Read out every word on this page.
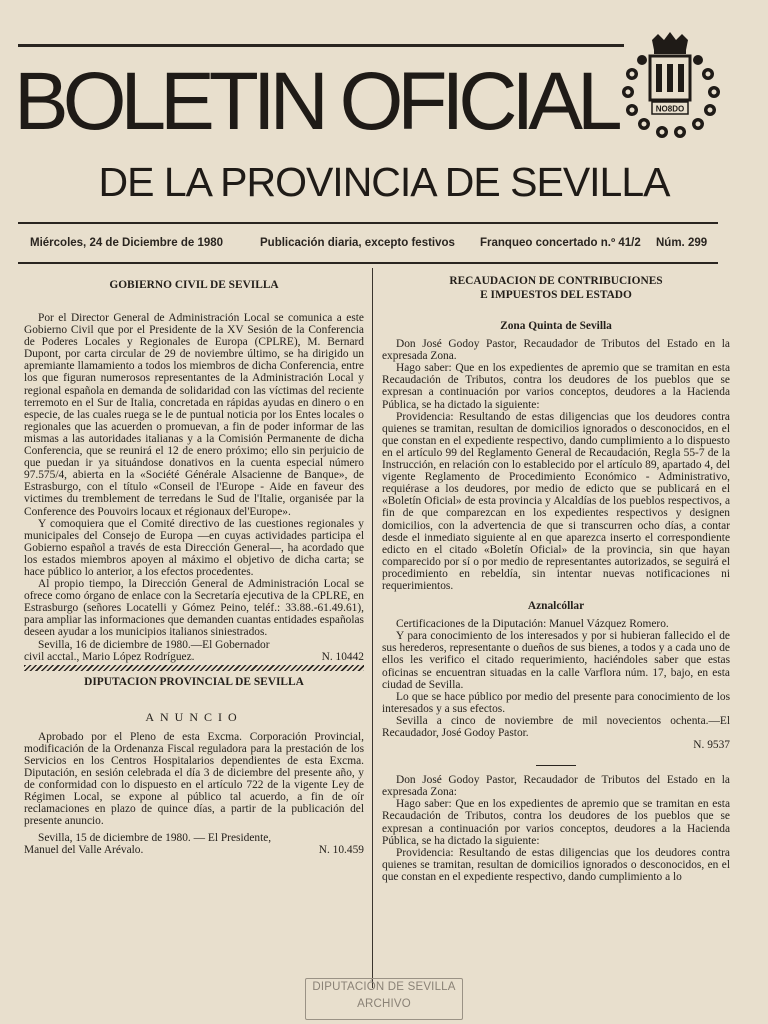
BOLETIN OFICIAL
DE LA PROVINCIA DE SEVILLA
NO8DO
Miércoles, 24 de Diciembre de 1980	Publicación diaria, excepto festivos Franqueo concertado n.º 41/2 Núm. 299
GOBIERNO CIVIL DE SEVILLA

Por el Director General de Administración Local se comunica a este Gobierno Civil que por el Presidente de la XV Sesión de la Conferencia de Poderes Locales y Regionales de Europa (CPLRE), M. Bernard Dupont, por carta circular de 29 de noviembre último, se ha dirigido un apremiante llamamiento a todos los miembros de dicha Conferencia, entre los que figuran numerosos representantes de la Administración Local y regional española en demanda de solidaridad con las víctimas del reciente terremoto en el Sur de Italia, concretada en rápidas ayudas en dinero o en especie, de las cuales ruega se le de puntual noticia por los Entes locales o regionales que las acuerden o promuevan, a fin de poder informar de las mismas a las autoridades italianas y a la Comisión Permanente de dicha Conferencia, que se reunirá el 12 de enero próximo; ello sin perjuicio de que puedan ir ya situándose donativos en la cuenta especial número 97.575/4, abierta en la «Société Générale Alsacienne de Banque», de Estrasburgo, con el título «Conseil de l'Europe - Aide en faveur des victimes du tremblement de terredans le Sud de l'Italie, organisée par la Conference des Pouvoirs locaux et régionaux del'Europe».

Y comoquiera que el Comité directivo de las cuestiones regionales y municipales del Consejo de Europa —en cuyas actividades participa el Gobierno español a través de esta Dirección General—, ha acordado que los estados miembros apoyen al máximo el objetivo de dicha carta; se hace público lo anterior, a los efectos procedentes.

Al propio tiempo, la Dirección General de Administración Local se ofrece como órgano de enlace con la Secretaría ejecutiva de la CPLRE, en Estrasburgo (señores Locatelli y Gómez Peino, teléf.: 33.88.-61.49.61), para ampliar las informaciones que demanden cuantas entidades españolas deseen ayudar a los municipios italianos siniestrados.

Sevilla, 16 de diciembre de 1980.—El Gobernador

civil acctal., Mario López Rodríguez.	N. 10442
DIPUTACION PROVINCIAL DE SEVILLA
ANUNCIO

Aprobado por el Pleno de esta Excma. Corporación Provincial, modificación de la Ordenanza Fiscal reguladora para la prestación de los Servicios en los Centros Hospitalarios dependientes de esta Excma. Diputación, en sesión celebrada el día 3 de diciembre del presente año, y de conformidad con lo dispuesto en el artículo 722 de la vigente Ley de Régimen Local, se expone al público tal acuerdo, a fin de oír reclamaciones en plazo de quince días, a partir de la publicación del presente anuncio.

Sevilla, 15 de diciembre de 1980. — El Presidente,

Manuel del Valle Arévalo.	N. 10.459
RECAUDACION DE CONTRIBUCIONES
E IMPUESTOS DEL ESTADO
Zona Quinta de Sevilla

Don José Godoy Pastor, Recaudador de Tributos del Estado en la expresada Zona.

Hago saber: Que en los expedientes de apremio que se tramitan en esta Recaudación de Tributos, contra los deudores de los pueblos que se expresan a continuación por varios conceptos, deudores a la Hacienda Pública, se ha dictado la siguiente:

Providencia: Resultando de estas diligencias que los deudores contra quienes se tramitan, resultan de domicilios ignorados o desconocidos, en el que constan en el expediente respectivo, dando cumplimiento a lo dispuesto en el artículo 99 del Reglamento General de Recaudación, Regla 55-7 de la Instrucción, en relación con lo establecido por el artículo 89, apartado 4, del vigente Reglamento de Procedimiento Económico - Administrativo, requiérase a los deudores, por medio de edicto que se publicará en el «Boletín Oficial» de esta provincia y Alcaldías de los pueblos respectivos, a fin de que comparezcan en los expedientes respectivos y designen domicilios, con la advertencia de que si transcurren ocho días, a contar desde el inmediato siguiente al en que aparezca inserto el correspondiente edicto en el citado «Boletín Oficial» de la provincia, sin que hayan comparecido por sí o por medio de representantes autorizados, se seguirá el procedimiento en rebeldía, sin intentar nuevas notificaciones ni requerimientos.

Aznalcóllar

Certificaciones de la Diputación: Manuel Vázquez Romero.

Y para conocimiento de los interesados y por si hubieran fallecido el de sus herederos, representante o dueños de sus bienes, a todos y a cada uno de ellos les verifico el citado requerimiento, haciéndoles saber que estas oficinas se encuentran situadas en la calle Varflora núm. 17, bajo, en esta ciudad de Sevilla.

Lo que se hace público por medio del presente para conocimiento de los interesados y a sus efectos.

Sevilla a cinco de noviembre de mil novecientos ochenta.—El Recaudador, José Godoy Pastor.

N. 9537

Don José Godoy Pastor, Recaudador de Tributos del Estado en la expresada Zona:

Hago saber: Que en los expedientes de apremio que se tramitan en esta Recaudación de Tributos, contra los deudores de los pueblos que se expresan a continuación por varios conceptos, deudores a la Hacienda Pública, se ha dictado la siguiente:

Providencia: Resultando de estas diligencias que los deudores contra quienes se tramitan, resultan de domicilios ignorados o desconocidos, en el que constan en el expediente respectivo, dando cumplimiento a lo

DIPUTACIÓN DE SEVILLA
ARCHIVO
